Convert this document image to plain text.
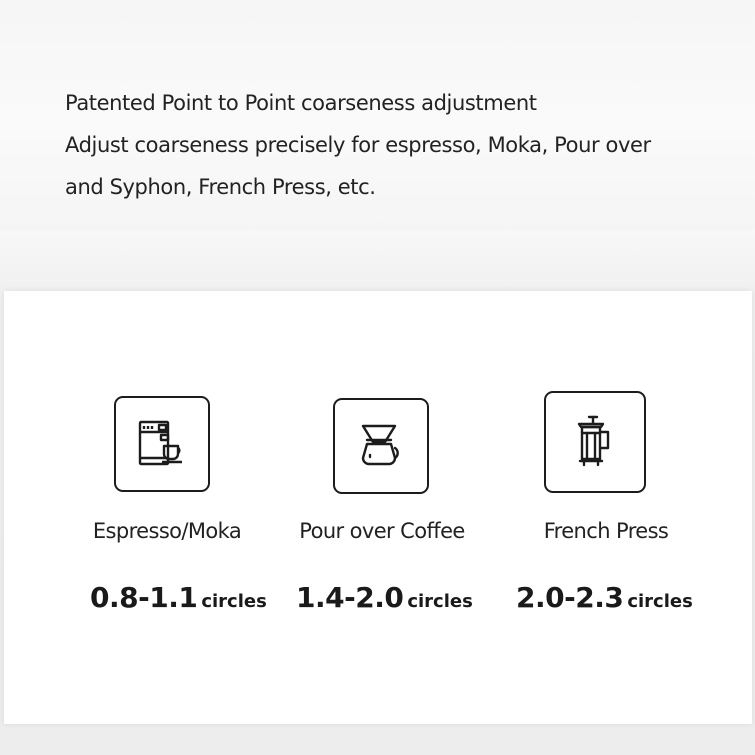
Patented Point to Point coarseness adjustment
Adjust coarseness precisely for espresso, Moka, Pour over
and Syphon, French Press, etc.
Espresso/Moka
0.8-1.1 circles
Pour over Coffee
1.4-2.0 circles
French Press
2.0-2.3 circles
